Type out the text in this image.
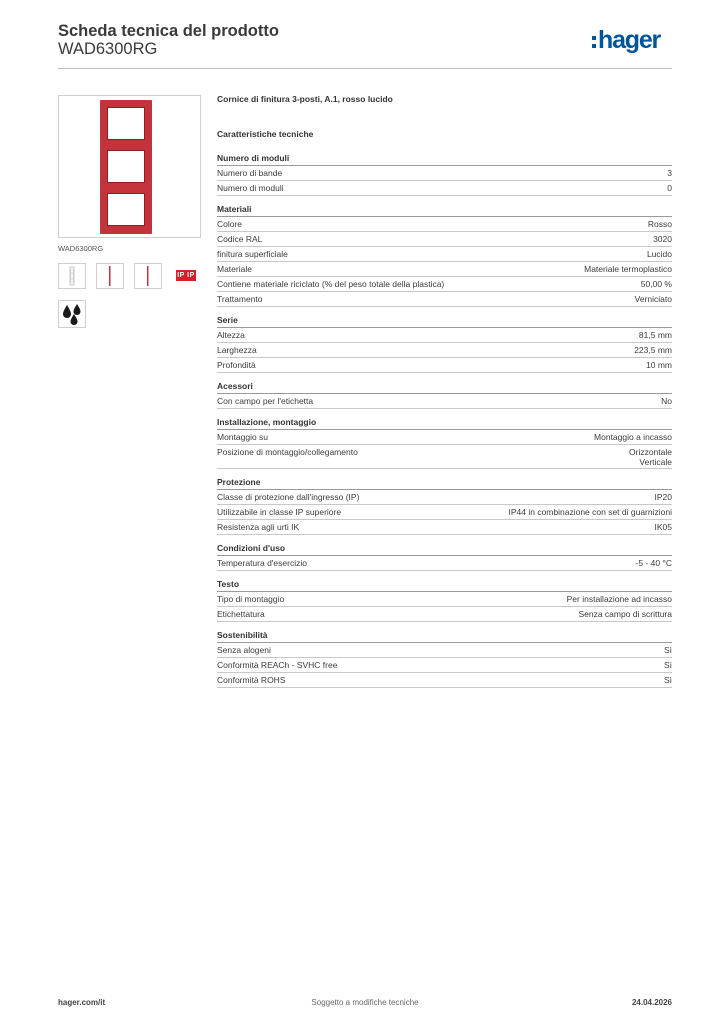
Scheda tecnica del prodotto
WAD6300RG	hager
WAD6300RG
IP IP
Cornice di finitura 3-posti, A.1, rosso lucido
Caratteristiche tecniche
Numero di moduli
Numero di bande	3
Numero di moduli	0
Materiali
Colore	Rosso
Codice RAL	3020
finitura superficiale	Lucido
Materiale	Materiale termoplastico
Contiene materiale riciclato (% del peso totale della plastica)	50,00 %
Trattamento	Verniciato
Serie
Altezza	81,5 mm
Larghezza	223,5 mm
Profondità	10 mm
Acessori
Con campo per l'etichetta	No
Installazione, montaggio
Montaggio su	Montaggio a incasso
Posizione di montaggio/collegamento	Orizzontale
Verticale
Protezione
Classe di protezione dall'ingresso (IP)	IP20
Utilizzabile in classe IP superiore	IP44 in combinazione con set di guarnizioni
Resistenza agli urti IK	IK05
Condizioni d'uso
Temperatura d'esercizio	-5 - 40 °C
Testo
Tipo di montaggio	Per installazione ad incasso
Etichettatura	Senza campo di scrittura
Sostenibilità
Senza alogeni	Sì
Conformità REACh - SVHC free	Sì
Conformità ROHS	Sì
Soggetto a modifiche tecniche
hager.com/it	24.04.2026
